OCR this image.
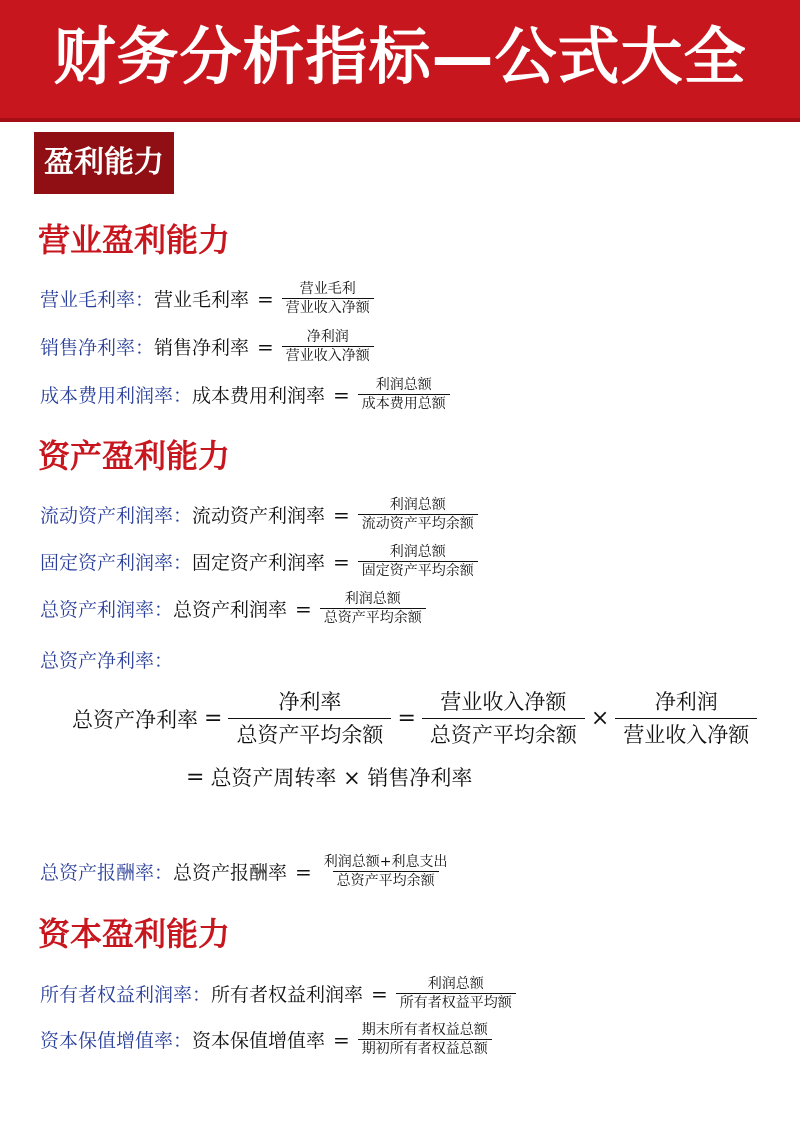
财务分析指标—公式大全
盈利能力
营业盈利能力
营业毛利率： 营业毛利率 = $\frac{\text{营业毛利}}{\text{营业收入净额}}$
销售净利率： 销售净利率 = $\frac{\text{净利润}}{\text{营业收入净额}}$
成本费用利润率： 成本费用利润率 = $\frac{\text{利润总额}}{\text{成本费用总额}}$
资产盈利能力
流动资产利润率： 流动资产利润率 = $\frac{\text{利润总额}}{\text{流动资产平均余额}}$
固定资产利润率： 固定资产利润率 = $\frac{\text{利润总额}}{\text{固定资产平均余额}}$
总资产利润率： 总资产利润率 = $\frac{\text{利润总额}}{\text{总资产平均余额}}$
总资产净利率：
总资产净利率 = $\frac{\text{净利率}}{\text{总资产平均余额}} = \frac{\text{营业收入净额}}{\text{总资产平均余额}} \times \frac{\text{净利润}}{\text{营业收入净额}}$
= 总资产周转率 × 销售净利率
总资产报酬率： 总资产报酬率 = $\frac{\text{利润总额+利息支出}}{\text{总资产平均余额}}$
资本盈利能力
所有者权益利润率： 所有者权益利润率 = $\frac{\text{利润总额}}{\text{所有者权益平均额}}$
资本保值增值率： 资本保值增值率 = $\frac{\text{期末所有者权益总额}}{\text{期初所有者权益总额}}$
